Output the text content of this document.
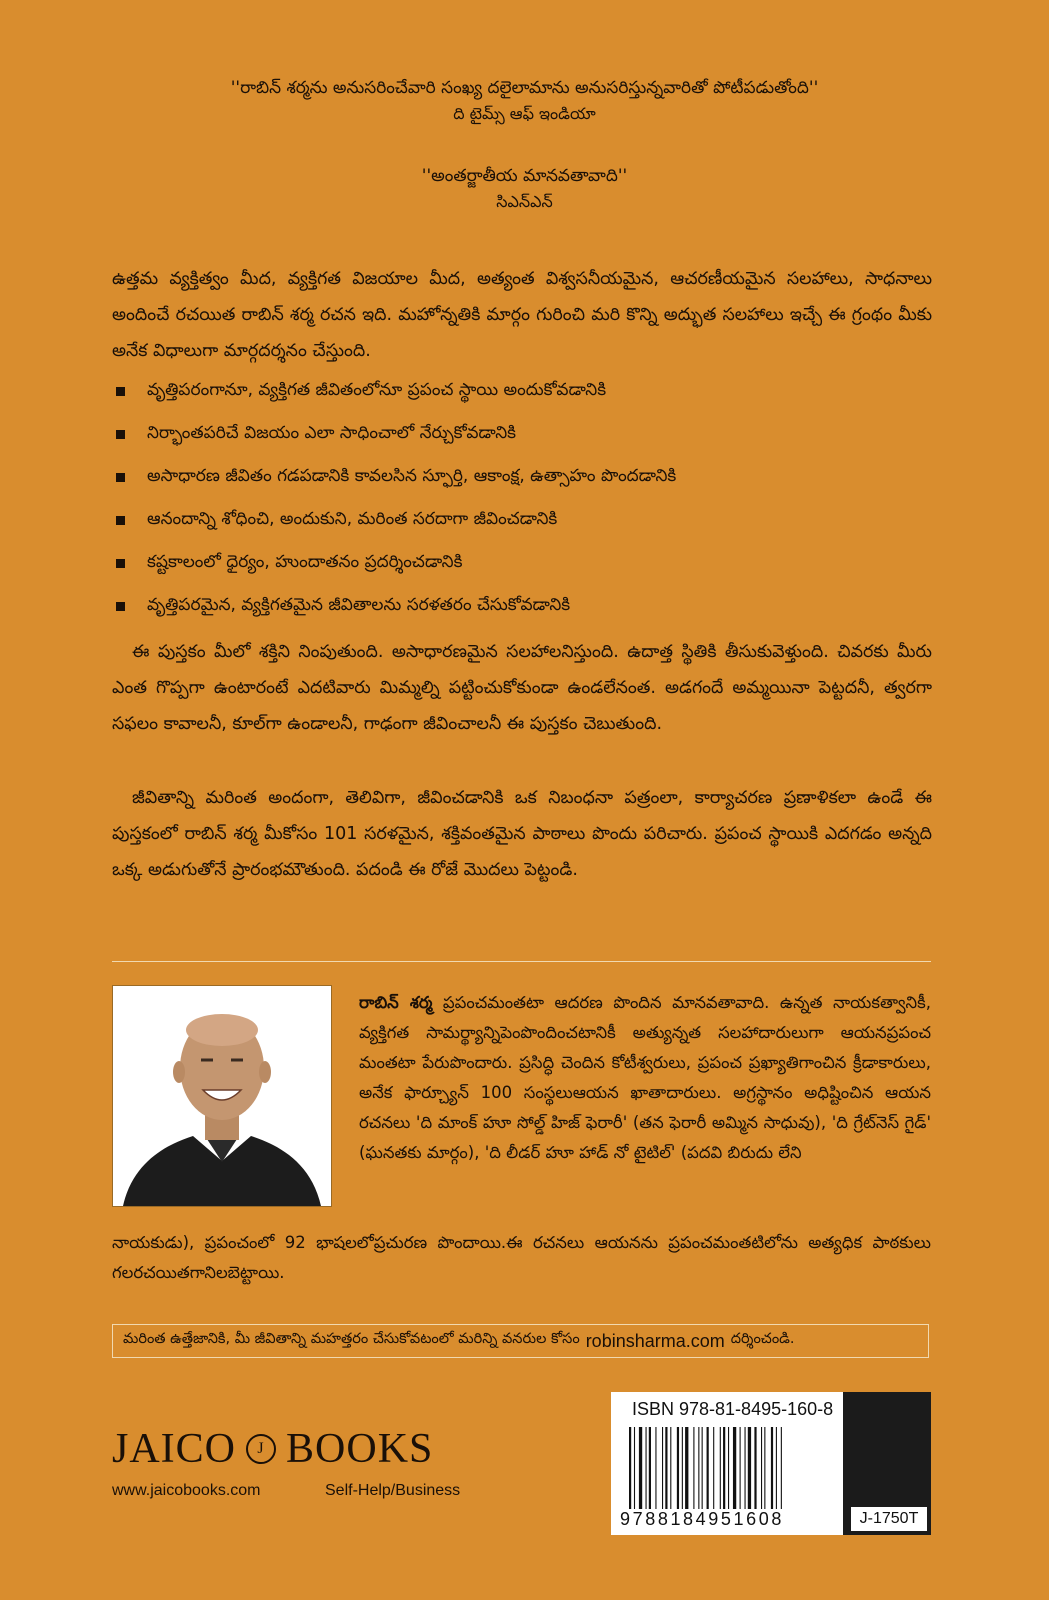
''రాబిన్ శర్మను అనుసరించేవారి సంఖ్య దలైలామాను అనుసరిస్తున్నవారితో పోటీపడుతోంది''
ది టైమ్స్ ఆఫ్ ఇండియా
''అంతర్జాతీయ మానవతావాది''
సిఎన్ఎన్
ఉత్తమ వ్యక్తిత్వం మీద, వ్యక్తిగత విజయాల మీద, అత్యంత విశ్వసనీయమైన, ఆచరణీయమైన సలహాలు, సాధనాలు అందించే రచయిత రాబిన్ శర్మ రచన ఇది. మహోన్నతికి మార్గం గురించి మరి కొన్ని అద్భుత సలహాలు ఇచ్చే ఈ గ్రంథం మీకు అనేక విధాలుగా మార్గదర్శనం చేస్తుంది.
వృత్తిపరంగానూ, వ్యక్తిగత జీవితంలోనూ ప్రపంచ స్థాయి అందుకోవడానికి
నిర్భాంతపరిచే విజయం ఎలా సాధించాలో నేర్చుకోవడానికి
అసాధారణ జీవితం గడపడానికి కావలసిన స్ఫూర్తి, ఆకాంక్ష, ఉత్సాహం పొందడానికి
ఆనందాన్ని శోధించి, అందుకుని, మరింత సరదాగా జీవించడానికి
కష్టకాలంలో ధైర్యం, హుందాతనం ప్రదర్శించడానికి
వృత్తిపరమైన, వ్యక్తిగతమైన జీవితాలను సరళతరం చేసుకోవడానికి
ఈ పుస్తకం మీలో శక్తిని నింపుతుంది. అసాధారణమైన సలహాలనిస్తుంది. ఉదాత్త స్థితికి తీసుకువెళ్తుంది. చివరకు మీరు ఎంత గొప్పగా ఉంటారంటే ఎదటివారు మిమ్మల్ని పట్టించుకోకుండా ఉండలేనంత. అడగందే అమ్మయినా పెట్టదనీ, త్వరగా సఫలం కావాలనీ, కూల్‌గా ఉండాలనీ, గాఢంగా జీవించాలనీ ఈ పుస్తకం చెబుతుంది.
జీవితాన్ని మరింత అందంగా, తెలివిగా, జీవించడానికి ఒక నిబంధనా పత్రంలా, కార్యాచరణ ప్రణాళికలా ఉండే ఈ పుస్తకంలో రాబిన్ శర్మ మీకోసం 101 సరళమైన, శక్తివంతమైన పాఠాలు పొందు పరిచారు. ప్రపంచ స్థాయికి ఎదగడం అన్నది ఒక్క అడుగుతోనే ప్రారంభమౌతుంది. పదండి ఈ రోజే మొదలు పెట్టండి.
రాబిన్ శర్మ ప్రపంచమంతటా ఆదరణ పొందిన మానవతావాది. ఉన్నత నాయకత్వానికీ, వ్యక్తిగత సామర్థ్యాన్నిపెంపొందించటానికీ అత్యున్నత సలహాదారులుగా ఆయనప్రపంచ మంతటా పేరుపొందారు. ప్రసిద్ధి చెందిన కోటీశ్వరులు, ప్రపంచ ప్రఖ్యాతిగాంచిన క్రీడాకారులు, అనేక ఫార్చ్యూన్ 100 సంస్థలుఆయన ఖాతాదారులు. అగ్రస్థానం అధిష్టించిన ఆయన రచనలు 'ది మాంక్ హూ సోల్డ్ హిజ్ ఫెరారీ' (తన ఫెరారీ అమ్మిన సాధువు), 'ది గ్రేట్‌నెస్ గైడ్' (ఘనతకు మార్గం), 'ది లీడర్ హూ హాడ్ నో టైటిల్' (పదవి బిరుదు లేని
నాయకుడు), ప్రపంచంలో 92 భాషలలోప్రచురణ పొందాయి.ఈ రచనలు ఆయనను ప్రపంచమంతటిలోను అత్యధిక పాఠకులు గలరచయితగానిలబెట్టాయి.
మరింత ఉత్తేజానికి, మీ జీవితాన్ని మహత్తరం చేసుకోవటంలో మరిన్ని వనరుల కోసం robinsharma.com దర్శించండి.
JAICO	J BOOKS
www.jaicobooks.com	Self-Help/Business
ISBN 978-81-8495-160-8
9788184951608	J-1750T
